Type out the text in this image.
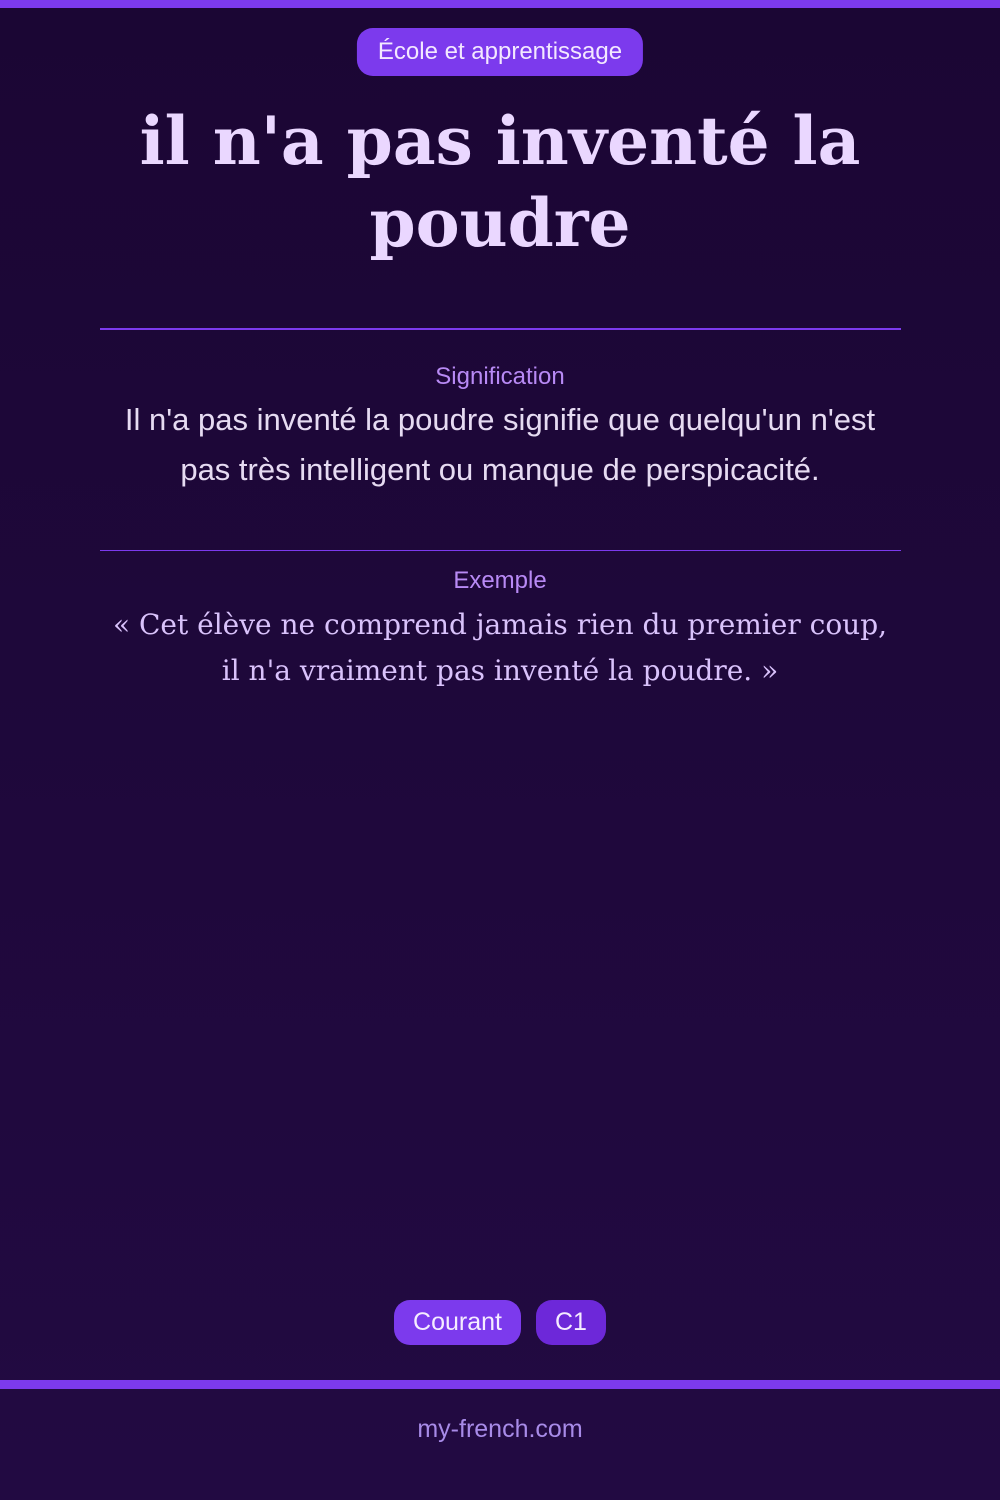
École et apprentissage
il n'a pas inventé la poudre
Signification

Il n'a pas inventé la poudre signifie que quelqu'un n'est pas très intelligent ou manque de perspicacité.

Exemple

« Cet élève ne comprend jamais rien du premier coup, il n'a vraiment pas inventé la poudre. »

Courant	C1
my-french.com
